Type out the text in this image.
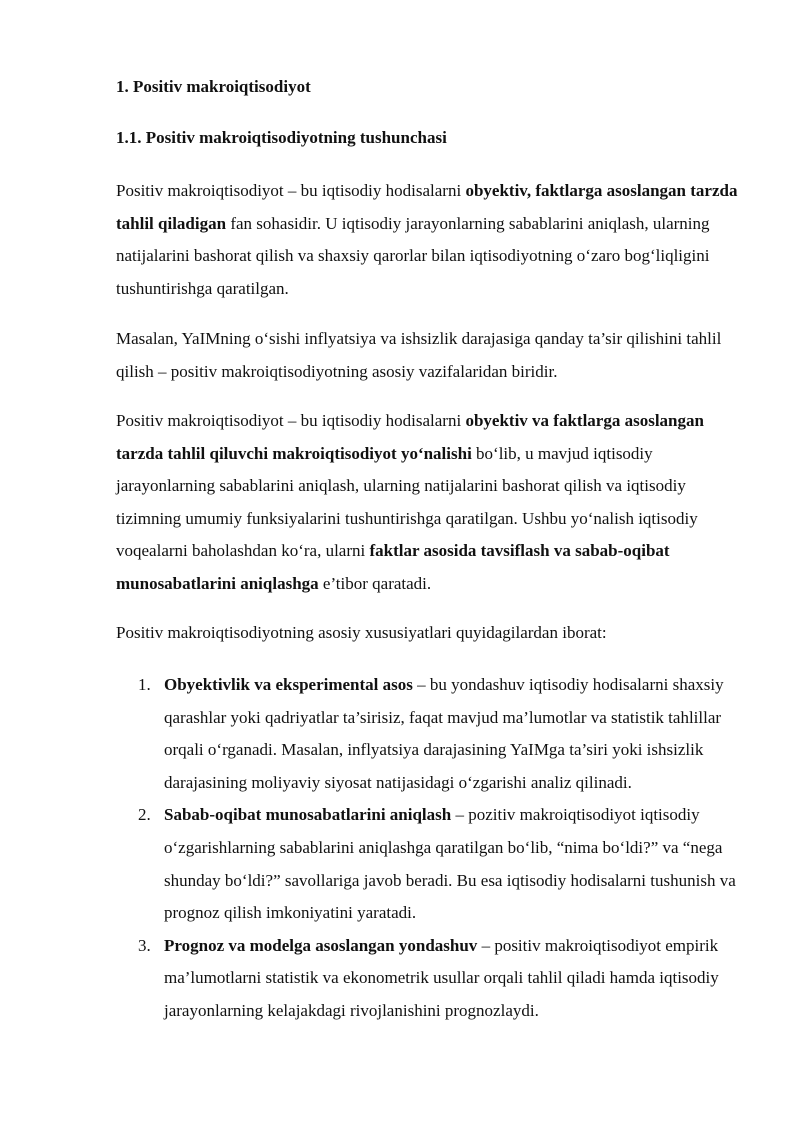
1. Positiv makroiqtisodiyot
1.1. Positiv makroiqtisodiyotning tushunchasi

Positiv makroiqtisodiyot – bu iqtisodiy hodisalarni obyektiv, faktlarga asoslangan tarzda tahlil qiladigan fan sohasidir. U iqtisodiy jarayonlarning sabablarini aniqlash, ularning natijalarini bashorat qilish va shaxsiy qarorlar bilan iqtisodiyotning o‘zaro bog‘liqligini tushuntirishga qaratilgan.

Masalan, YaIMning o‘sishi inflyatsiya va ishsizlik darajasiga qanday ta’sir qilishini tahlil qilish – positiv makroiqtisodiyotning asosiy vazifalaridan biridir.

Positiv makroiqtisodiyot – bu iqtisodiy hodisalarni obyektiv va faktlarga asoslangan tarzda tahlil qiluvchi makroiqtisodiyot yo‘nalishi bo‘lib, u mavjud iqtisodiy jarayonlarning sabablarini aniqlash, ularning natijalarini bashorat qilish va iqtisodiy tizimning umumiy funksiyalarini tushuntirishga qaratilgan. Ushbu yo‘nalish iqtisodiy voqealarni baholashdan ko‘ra, ularni faktlar asosida tavsiflash va sabab-oqibat munosabatlarini aniqlashga e’tibor qaratadi.

Positiv makroiqtisodiyotning asosiy xususiyatlari quyidagilardan iborat:

1. Obyektivlik va eksperimental asos – bu yondashuv iqtisodiy hodisalarni shaxsiy qarashlar yoki qadriyatlar ta’sirisiz, faqat mavjud ma’lumotlar va statistik tahlillar orqali o‘rganadi. Masalan, inflyatsiya darajasining YaIMga ta’siri yoki ishsizlik darajasining moliyaviy siyosat natijasidagi o‘zgarishi analiz qilinadi.
2. Sabab-oqibat munosabatlarini aniqlash – pozitiv makroiqtisodiyot iqtisodiy o‘zgarishlarning sabablarini aniqlashga qaratilgan bo‘lib, “nima bo‘ldi?” va “nega shunday bo‘ldi?” savollariga javob beradi. Bu esa iqtisodiy hodisalarni tushunish va prognoz qilish imkoniyatini yaratadi.
3. Prognoz va modelga asoslangan yondashuv – positiv makroiqtisodiyot empirik ma’lumotlarni statistik va ekonometrik usullar orqali tahlil qiladi hamda iqtisodiy jarayonlarning kelajakdagi rivojlanishini prognozlaydi.
